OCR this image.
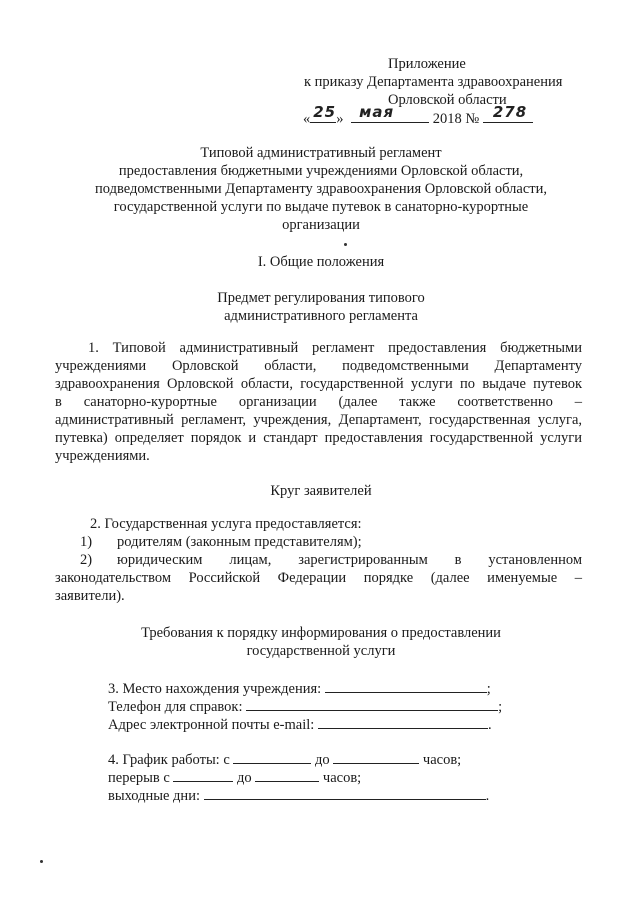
Приложение
к приказу Департамента здравоохранения
Орловской области
« 25 » мая	2018 № 278
Типовой административный регламент
предоставления бюджетными учреждениями Орловской области,
подведомственными Департаменту здравоохранения Орловской области,
государственной услуги по выдаче путевок в санаторно-курортные
организации
I. Общие положения
Предмет регулирования типового
административного регламента
1. Типовой административный регламент предоставления бюджетными
учреждениями Орловской области, подведомственными Департаменту
здравоохранения Орловской области, государственной услуги по выдаче путевок
в санаторно-курортные организации (далее также соответственно –
административный регламент, учреждения, Департамент, государственная услуга,
путевка) определяет порядок и стандарт предоставления государственной услуги
учреждениями.
Круг заявителей
2. Государственная услуга предоставляется:
1) родителям (законным представителям);
2) юридическим лицам, зарегистрированным в установленном
законодательством Российской Федерации порядке (далее именуемые –
заявители).
Требования к порядку информирования о предоставлении
государственной услуги
3. Место нахождения учреждения:	;
Телефон для справок:	;
Адрес электронной почты e-mail:	.
4. График работы: с	до	часов;
перерыв с	до	часов;
выходные дни:	.
